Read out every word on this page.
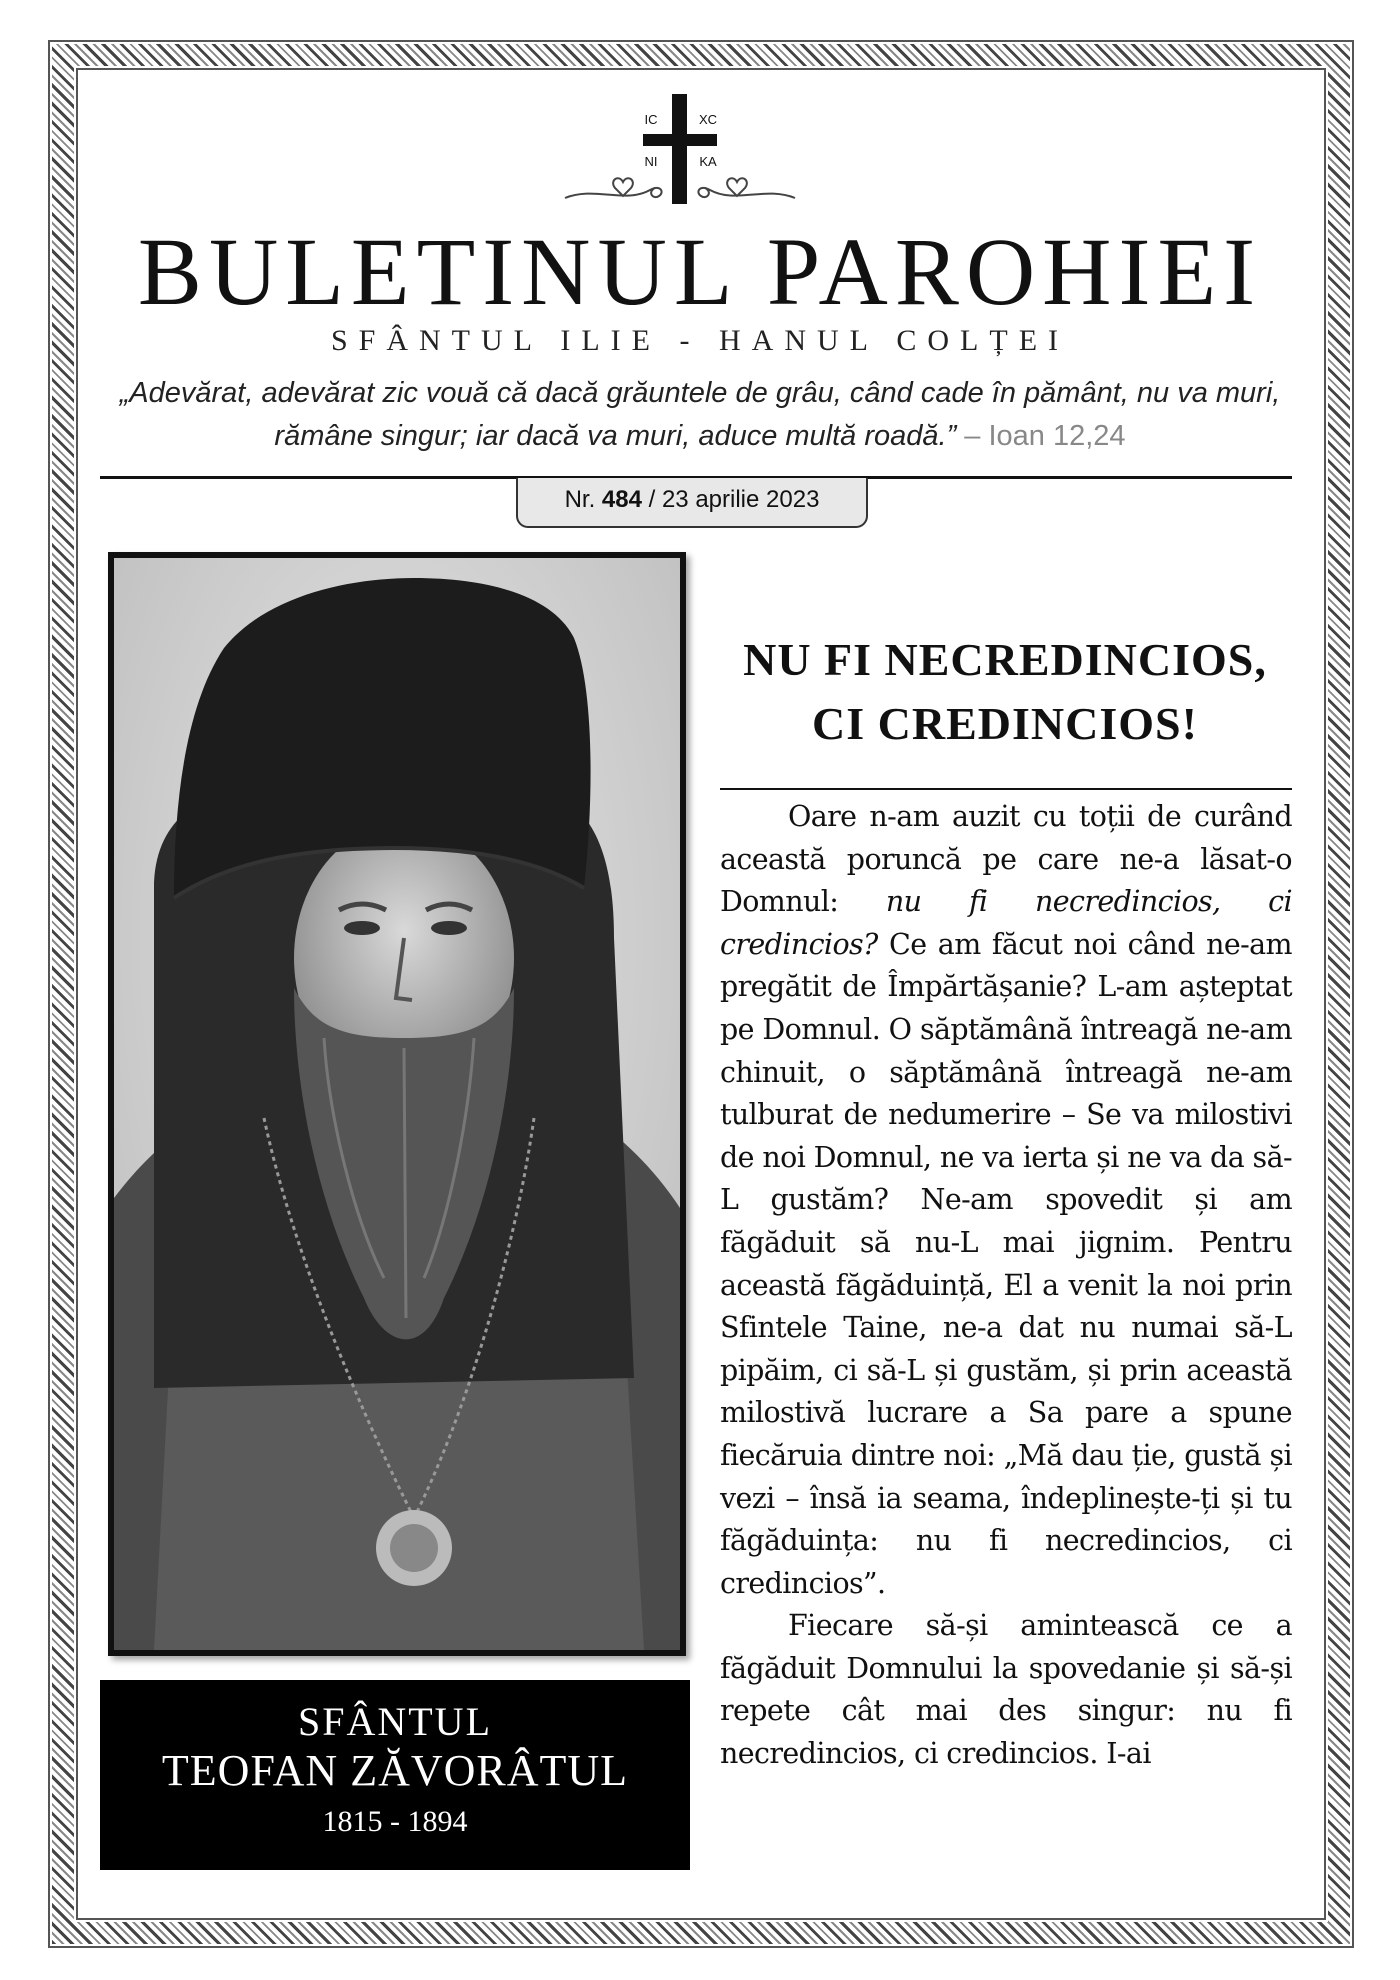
IC	XC
NI	KA
BULETINUL PAROHIEI
SFÂNTUL ILIE - HANUL COLȚEI
„Adevărat, adevărat zic vouă că dacă grăuntele de grâu, când cade în pământ, nu va muri, rămâne singur; iar dacă va muri, aduce multă roadă.” – Ioan 12,24
Nr. 484 / 23 aprilie 2023
SFÂNTUL
TEOFAN ZĂVORÂTUL
1815 - 1894
NU FI NECREDINCIOS,
CI CREDINCIOS!

Oare n-am auzit cu toții de curând această poruncă pe care ne-a lăsat-o Domnul: nu fi necredincios, ci credincios? Ce am făcut noi când ne-am pregătit de Împărtășanie? L-am așteptat pe Domnul. O săptămână întreagă ne-am chinuit, o săptămână întreagă ne-am tulburat de nedumerire – Se va milostivi de noi Domnul, ne va ierta și ne va da să-L gustăm? Ne-am spovedit și am făgăduit să nu-L mai jignim. Pentru această făgăduință, El a venit la noi prin Sfintele Taine, ne-a dat nu numai să-L pipăim, ci să-L și gustăm, și prin această milostivă lucrare a Sa pare a spune fiecăruia dintre noi: „Mă dau ție, gustă și vezi – însă ia seama, îndeplinește-ți și tu făgăduința: nu fi necredincios, ci credincios”.

Fiecare să-și amintească ce a făgăduit Domnului la spovedanie și să-și repete cât mai des singur: nu fi necredincios, ci credincios. I-ai
